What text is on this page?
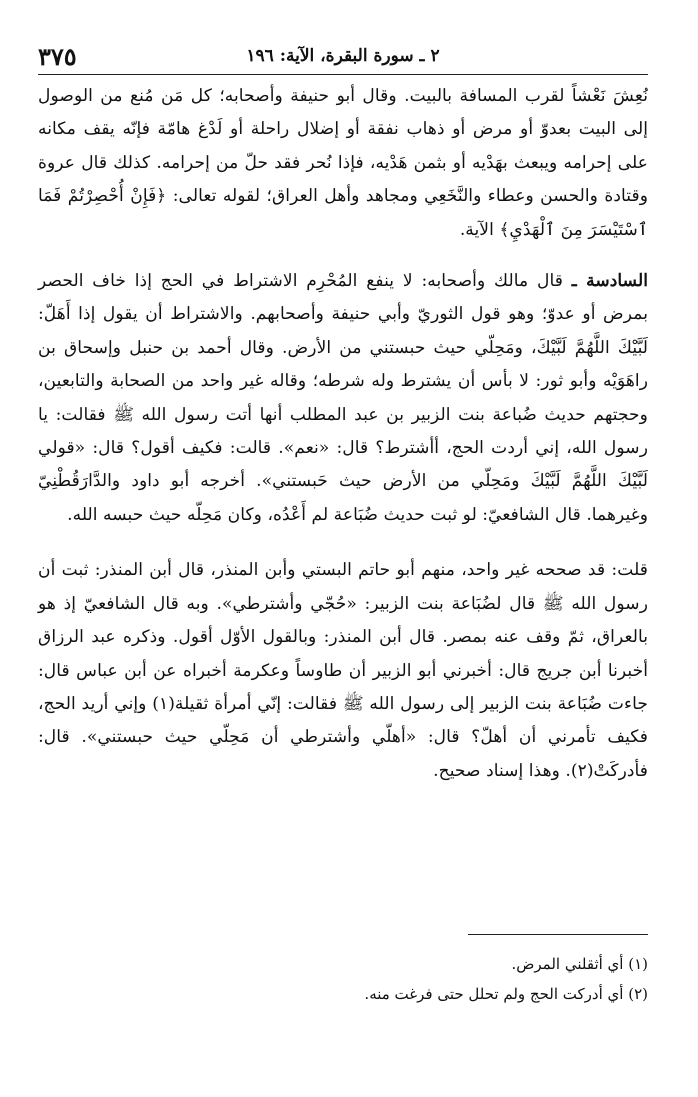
٣٧٥	٢ ـ سورة البقرة، الآية: ١٩٦

نُعِشَ نَعْشاً لقرب المسافة بالبيت. وقال أبو حنيفة وأصحابه؛ كل مَن مُنع من الوصول إلى البيت بعدوّ أو مرض أو ذهاب نفقة أو إضلال راحلة أو لَدْغ هامّة فإنّه يقف مكانه على إحرامه ويبعث بهَدْيه أو بثمن هَدْيه، فإذا نُحر فقد حلّ من إحرامه. كذلك قال عروة وقتادة والحسن وعطاء والنَّخَعِي ومجاهد وأهل العراق؛ لقوله تعالى: ﴿فَإِنْ أُحْصِرْتُمْ فَمَا ٱسْتَيْسَرَ مِنَ ٱلْهَدْيِ﴾ الآية.

السادسة ـ قال مالك وأصحابه: لا ينفع المُحْرِم الاشتراط في الحج إذا خاف الحصر بمرض أو عدوّ؛ وهو قول الثوريّ وأبي حنيفة وأصحابهم. والاشتراط أن يقول إذا أَهَلّ: لَبَّيْكَ اللَّهُمَّ لَبَّيْكَ، ومَحِلّي حيث حبستني من الأرض. وقال أحمد بن حنبل وإسحاق بن راهَوَيْه وأبو ثور: لا بأس أن يشترط وله شرطه؛ وقاله غير واحد من الصحابة والتابعين، وحجتهم حديث ضُباعة بنت الزبير بن عبد المطلب أنها أتت رسول الله ﷺ فقالت: يا رسول الله، إني أردت الحج، أأشترط؟ قال: «نعم». قالت: فكيف أقول؟ قال: «قولي لَبَّيْكَ اللَّهُمَّ لَبَّيْكَ ومَحِلّي من الأرض حيث حَبستني». أخرجه أبو داود والدَّارَقُطْنِيّ وغيرهما. قال الشافعيّ: لو ثبت حديث ضُبَاعة لم أَعْدُه، وكان مَحِلّه حيث حبسه الله.

قلت: قد صححه غير واحد، منهم أبو حاتم البستي وأبن المنذر، قال أبن المنذر: ثبت أن رسول الله ﷺ قال لضُبَاعة بنت الزبير: «حُجّي وأشترطي». وبه قال الشافعيّ إذ هو بالعراق، ثمّ وقف عنه بمصر. قال أبن المنذر: وبالقول الأوّل أقول. وذكره عبد الرزاق أخبرنا أبن جريج قال: أخبرني أبو الزبير أن طاوساً وعكرمة أخبراه عن أبن عباس قال: جاءت ضُبَاعة بنت الزبير إلى رسول الله ﷺ فقالت: إنّي أمرأة ثقيلة(١) وإني أريد الحج، فكيف تأمرني أن أهلّ؟ قال: «أهلّي وأشترطي أن مَحِلّي حيث حبستني». قال: فأدركَتْ(٢). وهذا إسناد صحيح.

(١) أي أثقلني المرض.

(٢) أي أدركت الحج ولم تحلل حتى فرغت منه.
